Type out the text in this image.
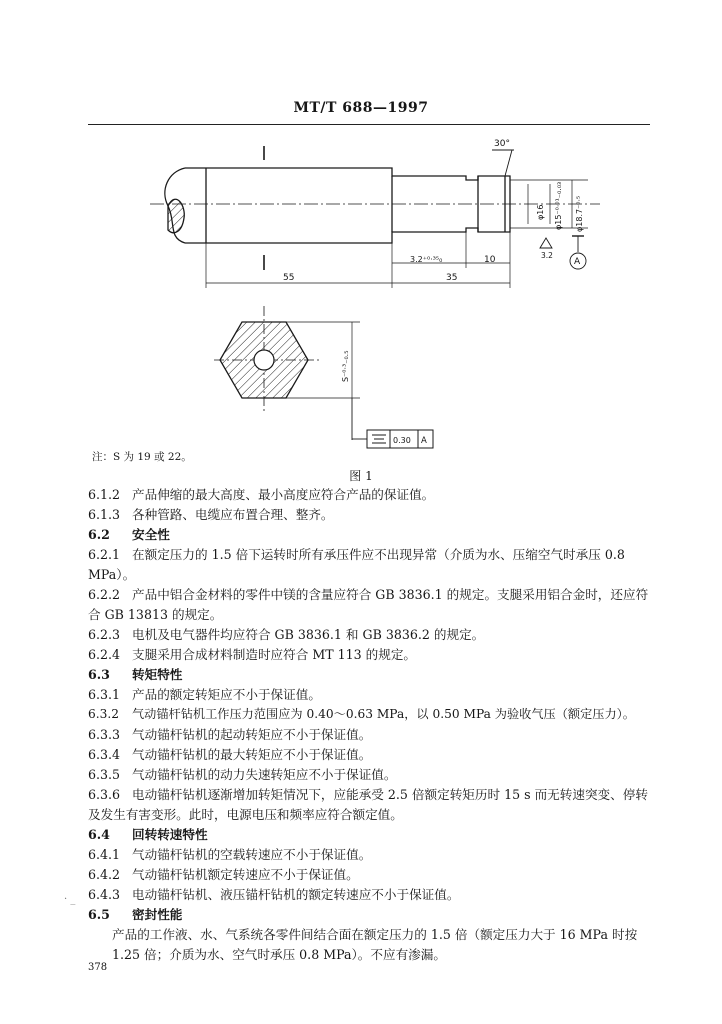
MT/T 688—1997
30°
55	35
10
3.2⁺⁰·³⁵₀	3.2
A
φ16 φ15⁻⁰·⁰¹₋₀.₀₃ φ18.7⁻⁰·⁵
S⁻⁰·³₋₀.₅
0.30 A
注：S 为 19 或 22。
图 1
6.1.2 产品伸缩的最大高度、最小高度应符合产品的保证值。
6.1.3 各种管路、电缆应布置合理、整齐。
6.2 安全性
6.2.1 在额定压力的 1.5 倍下运转时所有承压件应不出现异常（介质为水、压缩空气时承压 0.8 MPa）。
6.2.2 产品中铝合金材料的零件中镁的含量应符合 GB 3836.1 的规定。支腿采用铝合金时，还应符合 GB 13813 的规定。
6.2.3 电机及电气器件均应符合 GB 3836.1 和 GB 3836.2 的规定。
6.2.4 支腿采用合成材料制造时应符合 MT 113 的规定。
6.3 转矩特性
6.3.1 产品的额定转矩应不小于保证值。
6.3.2 气动锚杆钻机工作压力范围应为 0.40～0.63 MPa，以 0.50 MPa 为验收气压（额定压力）。
6.3.3 气动锚杆钻机的起动转矩应不小于保证值。
6.3.4 气动锚杆钻机的最大转矩应不小于保证值。
6.3.5 气动锚杆钻机的动力失速转矩应不小于保证值。
6.3.6 电动锚杆钻机逐渐增加转矩情况下，应能承受 2.5 倍额定转矩历时 15 s 而无转速突变、停转及发生有害变形。此时，电源电压和频率应符合额定值。
6.4 回转转速特性
6.4.1 气动锚杆钻机的空载转速应不小于保证值。
6.4.2 气动锚杆钻机额定转速应不小于保证值。
6.4.3 电动锚杆钻机、液压锚杆钻机的额定转速应不小于保证值。
6.5 密封性能
产品的工作液、水、气系统各零件间结合面在额定压力的 1.5 倍（额定压力大于 16 MPa 时按 1.25 倍；介质为水、空气时承压 0.8 MPa）。不应有渗漏。
· _
378
